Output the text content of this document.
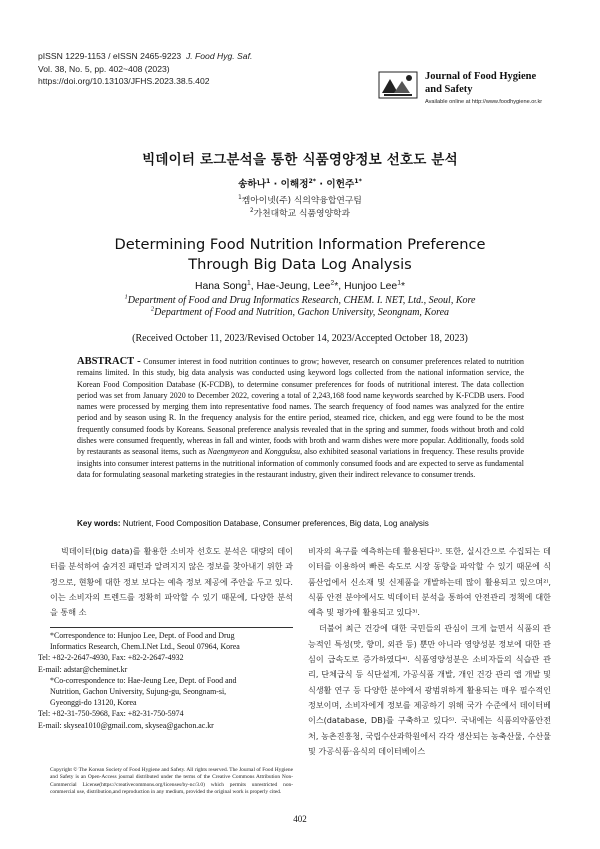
pISSN 1229-1153 / eISSN 2465-9223 J. Food Hyg. Saf.
Vol. 38, No. 5, pp. 402~408 (2023)
https://doi.org/10.13103/JFHS.2023.38.5.402	Journal of Food Hygiene
and Safety
Available online at http://www.foodhygiene.or.kr
빅데이터 로그분석을 통한 식품영양정보 선호도 분석
송하나$^1$ · 이해정$^{2*}$ · 이헌주$^{1*}$
$^1$켐아이넷(주) 식의약융합연구팀
$^2$가천대학교 식품영양학과
Determining Food Nutrition Information Preference
Through Big Data Log Analysis
Hana Song$^1$, Hae-Jeung, Lee$^2$*, Hunjoo Lee$^1$*
$^1$Department of Food and Drug Informatics Research, CHEM. I. NET, Ltd., Seoul, Kore
$^2$Department of Food and Nutrition, Gachon University, Seongnam, Korea
(Received October 11, 2023/Revised October 14, 2023/Accepted October 18, 2023)
ABSTRACT - Consumer interest in food nutrition continues to grow; however, research on consumer preferences related to nutrition remains limited. In this study, big data analysis was conducted using keyword logs collected from the national information service, the Korean Food Composition Database (K-FCDB), to determine consumer preferences for foods of nutritional interest. The data collection period was set from January 2020 to December 2022, covering a total of 2,243,168 food name keywords searched by K-FCDB users. Food names were processed by merging them into representative food names. The search frequency of food names was analyzed for the entire period and by season using R. In the frequency analysis for the entire period, steamed rice, chicken, and egg were found to be the most frequently consumed foods by Koreans. Seasonal preference analysis revealed that in the spring and summer, foods without broth and cold dishes were consumed frequently, whereas in fall and winter, foods with broth and warm dishes were more popular. Additionally, foods sold by restaurants as seasonal items, such as Naengmyeon and Kongguksu, also exhibited seasonal variations in frequency. These results provide insights into consumer interest patterns in the nutritional information of commonly consumed foods and are expected to serve as fundamental data for formulating seasonal marketing strategies in the restaurant industry, given their indirect relevance to consumer trends.
Key words: Nutrient, Food Composition Database, Consumer preferences, Big data, Log analysis

빅데이터(big data)를 활용한 소비자 선호도 분석은 대량의 데이터를 분석하여 숨겨진 패턴과 알려지지 않은 정보를 찾아내기 위한 과정으로, 현황에 대한 정보 보다는 예측 정보 제공에 주안을 두고 있다. 이는 소비자의 트렌드를 정확히 파악할 수 있기 때문에, 다양한 분석을 통해 소

*Correspondence to: Hunjoo Lee, Dept. of Food and Drug
Informatics Research, Chem.I.Net Ltd., Seoul 07964, Korea
Tel: +82-2-2647-4930, Fax: +82-2-2647-4932
E-mail: adstar@cheminet.kr
*Co-correspondence to: Hae-Jeung Lee, Dept. of Food and
Nutrition, Gachon University, Sujung-gu, Seongnam-si,
Gyeonggi-do 13120, Korea
Tel: +82-31-750-5968, Fax: +82-31-750-5974
E-mail: skysea1010@gmail.com, skysea@gachon.ac.kr
Copyright © The Korean Society of Food Hygiene and Safety. All rights reserved. The Journal of Food Hygiene and Safety is an Open-Access journal distributed under the terms of the Creative Commons Attribution Non-Commercial License(https://creativecommons.org/licenses/by-nc/3.0) which permits unrestricted non-commercial use, distribution,and reproduction in any medium, provided the original work is properly cited.

비자의 욕구를 예측하는데 활용된다¹⁾. 또한, 실시간으로 수집되는 데이터를 이용하여 빠른 속도로 시장 동향을 파악할 수 있기 때문에 식품산업에서 신소재 및 신제품을 개발하는데 많이 활용되고 있으며²⁾, 식품 안전 분야에서도 빅데이터 분석을 통하여 안전관리 정책에 대한 예측 및 평가에 활용되고 있다³⁾.

더불어 최근 건강에 대한 국민들의 관심이 크게 늘면서 식품의 관능적인 특성(맛, 향미, 외관 등) 뿐만 아니라 영양성분 정보에 대한 관심이 급속도로 증가하였다⁴⁾. 식품영양성분은 소비자들의 식습관 관리, 단체급식 등 식단설계, 가공식품 개발, 개인 건강 관리 앱 개발 및 식생활 연구 등 다양한 분야에서 광범위하게 활용되는 매우 필수적인 정보이며, 소비자에게 정보를 제공하기 위해 국가 수준에서 데이터베이스(database, DB)를 구축하고 있다⁵⁾. 국내에는 식품의약품안전처, 농촌진흥청, 국립수산과학원에서 각각 생산되는 농축산물, 수산물 및 가공식품·음식의 데이터베이스

402
